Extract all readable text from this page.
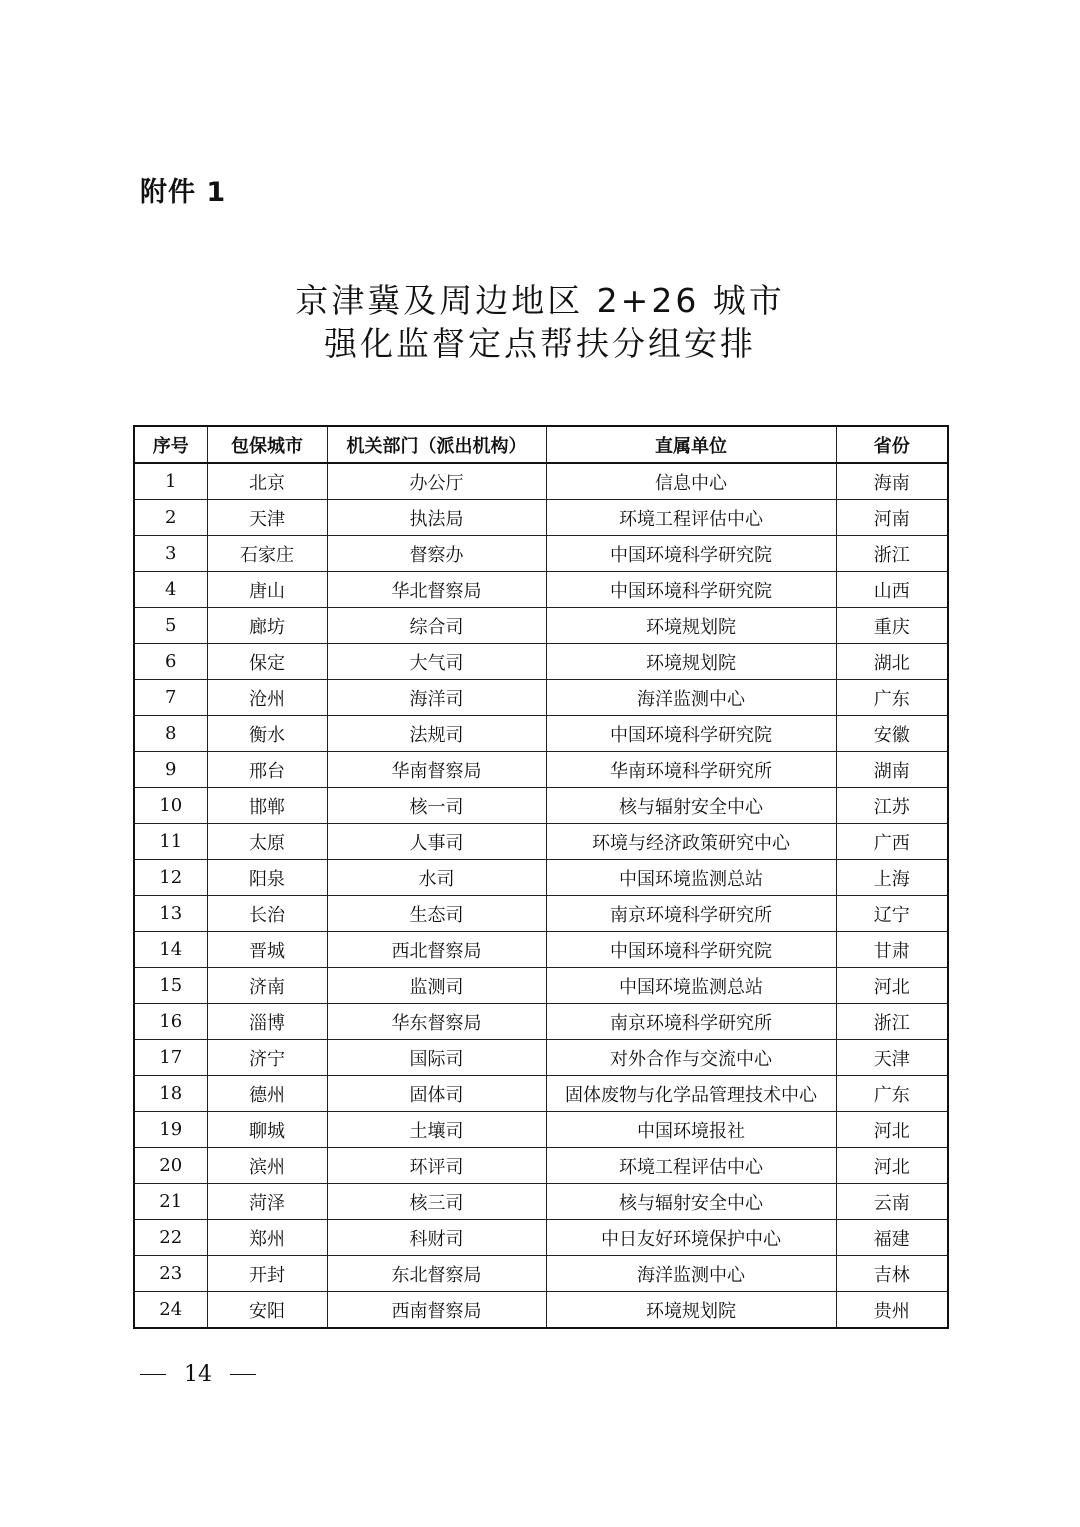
附件 1
京津冀及周边地区 2+26 城市
强化监督定点帮扶分组安排
序号	包保城市	机关部门（派出机构）	直属单位	省份
1	北京	办公厅	信息中心	海南
2	天津	执法局	环境工程评估中心	河南
3	石家庄	督察办	中国环境科学研究院	浙江
4	唐山	华北督察局	中国环境科学研究院	山西
5	廊坊	综合司	环境规划院	重庆
6	保定	大气司	环境规划院	湖北
7	沧州	海洋司	海洋监测中心	广东
8	衡水	法规司	中国环境科学研究院	安徽
9	邢台	华南督察局	华南环境科学研究所	湖南
10	邯郸	核一司	核与辐射安全中心	江苏
11	太原	人事司	环境与经济政策研究中心	广西
12	阳泉	水司	中国环境监测总站	上海
13	长治	生态司	南京环境科学研究所	辽宁
14	晋城	西北督察局	中国环境科学研究院	甘肃
15	济南	监测司	中国环境监测总站	河北
16	淄博	华东督察局	南京环境科学研究所	浙江
17	济宁	国际司	对外合作与交流中心	天津
18	德州	固体司	固体废物与化学品管理技术中心	广东
19	聊城	土壤司	中国环境报社	河北
20	滨州	环评司	环境工程评估中心	河北
21	菏泽	核三司	核与辐射安全中心	云南
22	郑州	科财司	中日友好环境保护中心	福建
23	开封	东北督察局	海洋监测中心	吉林
24	安阳	西南督察局	环境规划院	贵州
14
